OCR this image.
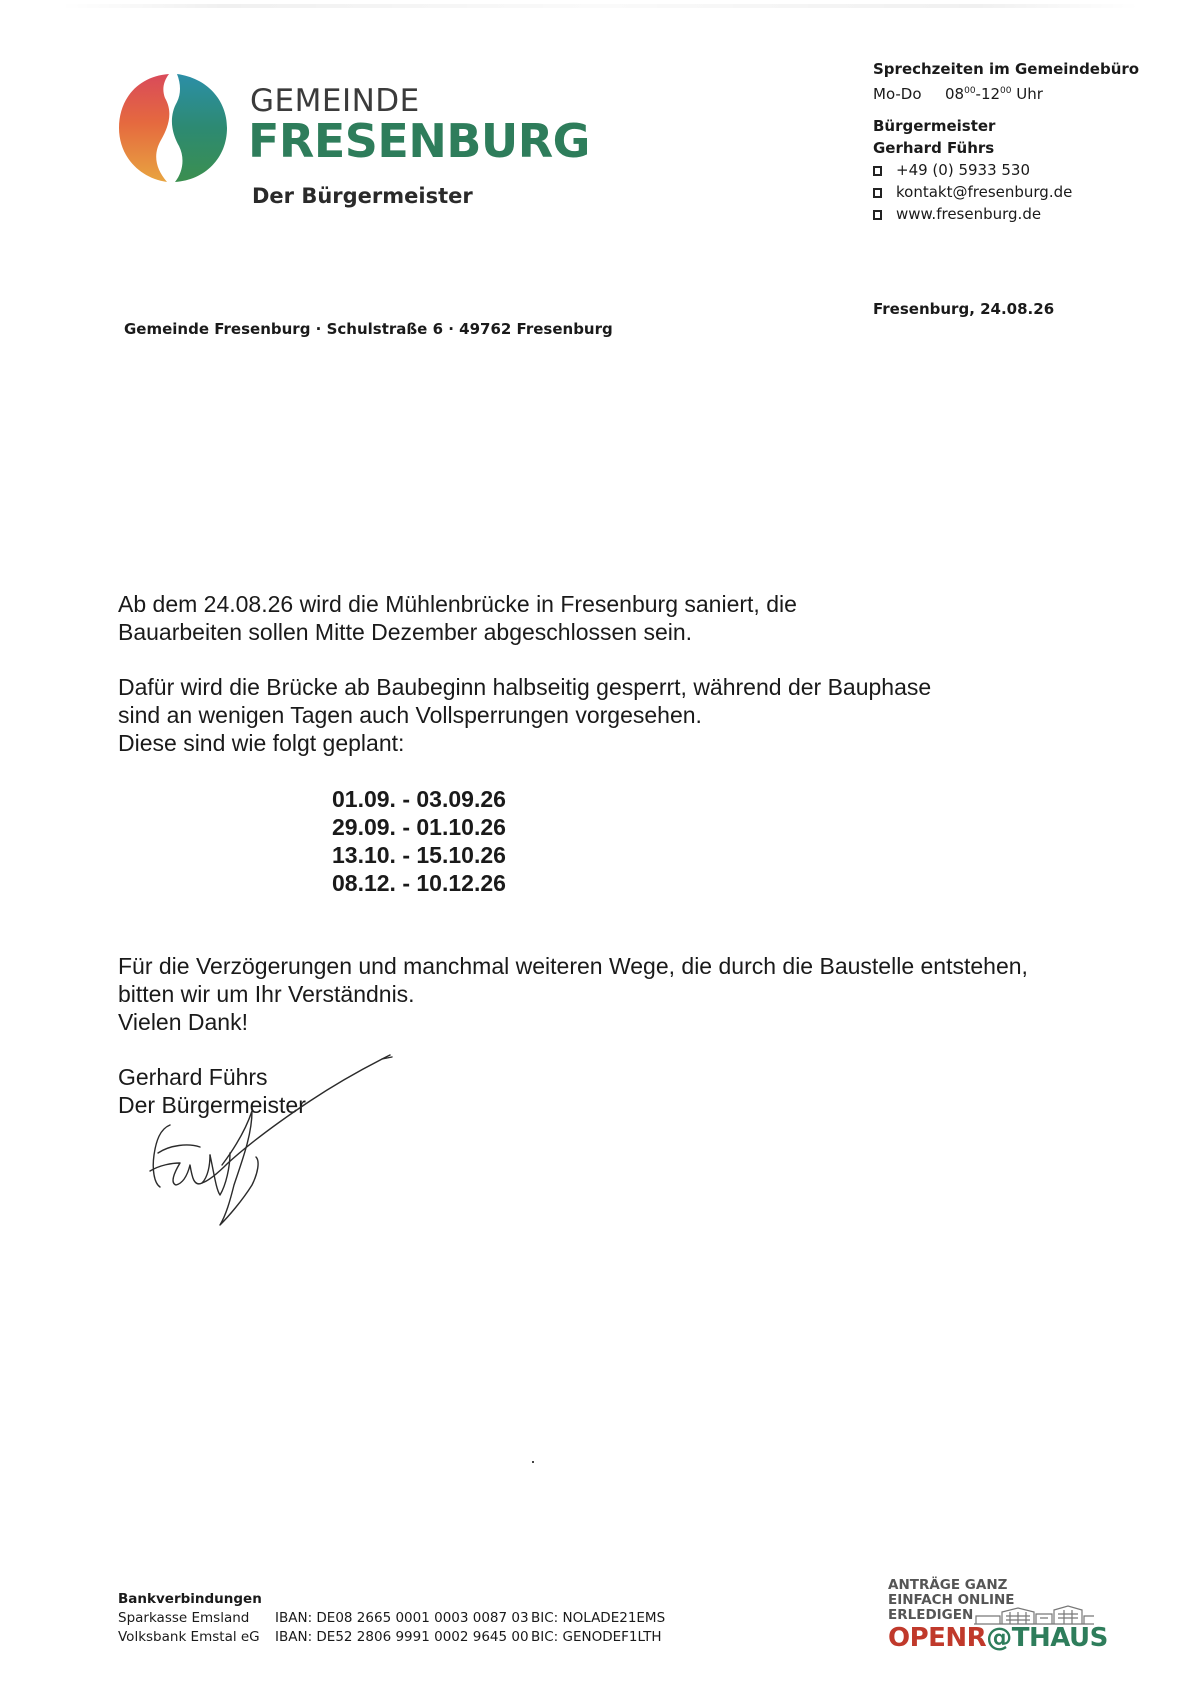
GEMEINDE
FRESENBURG
Der Bürgermeister
Sprechzeiten im Gemeindebüro
Mo-Do $08^{00}-12^{00}$ Uhr
Bürgermeister
Gerhard Führs
+49 (0) 5933 530
kontakt@fresenburg.de
www.fresenburg.de
Fresenburg, 24.08.26
Gemeinde Fresenburg · Schulstraße 6 · 49762 Fresenburg
Ab dem 24.08.26 wird die Mühlenbrücke in Fresenburg saniert, die
Bauarbeiten sollen Mitte Dezember abgeschlossen sein.
Dafür wird die Brücke ab Baubeginn halbseitig gesperrt, während der Bauphase
sind an wenigen Tagen auch Vollsperrungen vorgesehen.
Diese sind wie folgt geplant:
01.09. - 03.09.26
29.09. - 01.10.26
13.10. - 15.10.26
08.12. - 10.12.26
Für die Verzögerungen und manchmal weiteren Wege, die durch die Baustelle entstehen,
bitten wir um Ihr Verständnis.
Vielen Dank!
Gerhard Führs
Der Bürgermeister
Bankverbindungen
Sparkasse Emsland	IBAN: DE08 2665 0001 0003 0087 03 BIC: NOLADE21EMS
Volksbank Emstal eG	IBAN: DE52 2806 9991 0002 9645 00 BIC: GENODEF1LTH
ANTRÄGE GANZ
EINFACH ONLINE
ERLEDIGEN
OPENR@THAUS
